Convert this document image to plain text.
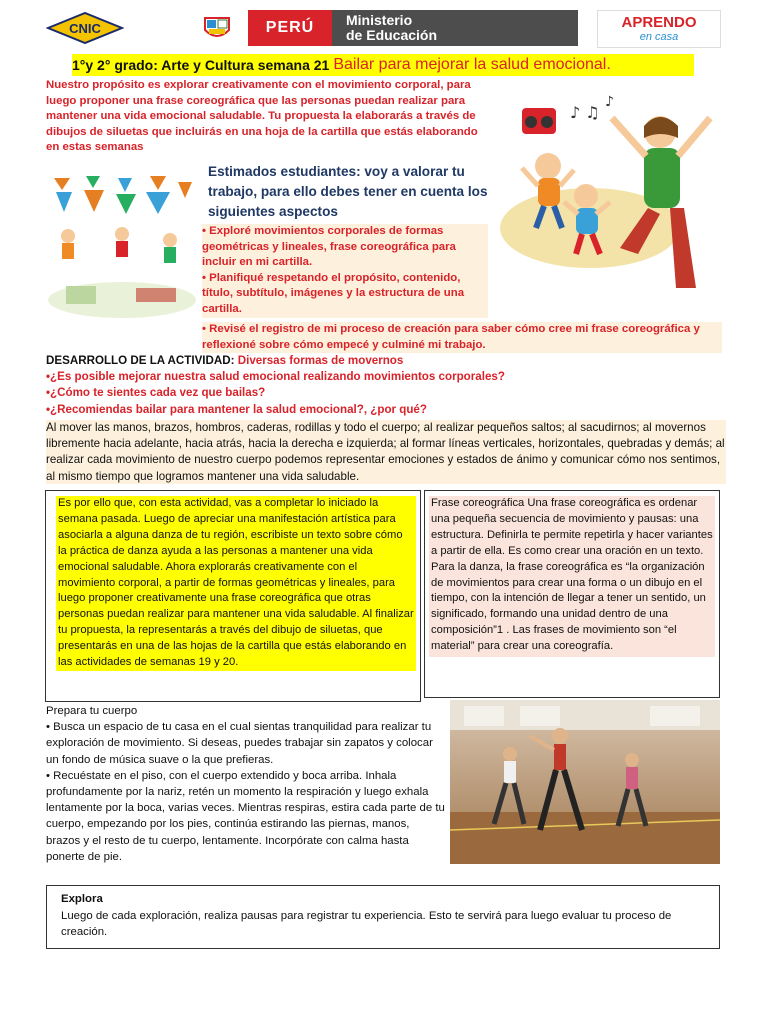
CNIC	PERÚ	Ministerio
de Educación
APRENDO
en casa
1°y 2° grado: Arte y Cultura semana 21 Bailar para mejorar la salud emocional.
Nuestro propósito es explorar creativamente con el movimiento corporal, para luego proponer una frase coreográfica que las personas puedan realizar para mantener una vida emocional saludable. Tu propuesta la elaborarás a través de dibujos de siluetas que incluirás en una hoja de la cartilla que estás elaborando en estas semanas
♪ ♫
♪
Estimados estudiantes: voy a valorar tu trabajo, para ello debes tener en cuenta los siguientes aspectos
• Exploré movimientos corporales de formas geométricas y lineales, frase coreográfica para incluir en mi cartilla.
• Planifiqué respetando el propósito, contenido, título, subtítulo, imágenes y la estructura de una cartilla.
• Revisé el registro de mi proceso de creación para saber cómo cree mi frase coreográfica y reflexioné sobre cómo empecé y culminé mi trabajo.
DESARROLLO DE LA ACTIVIDAD: Diversas formas de movernos
•¿Es posible mejorar nuestra salud emocional realizando movimientos corporales?
•¿Cómo te sientes cada vez que bailas?
•¿Recomiendas bailar para mantener la salud emocional?, ¿por qué?
Al mover las manos, brazos, hombros, caderas, rodillas y todo el cuerpo; al realizar pequeños saltos; al sacudirnos; al movernos libremente hacia adelante, hacia atrás, hacia la derecha e izquierda; al formar líneas verticales, horizontales, quebradas y demás; al realizar cada movimiento de nuestro cuerpo podemos representar emociones y estados de ánimo y comunicar cómo nos sentimos, al mismo tiempo que logramos mantener una vida saludable.
Es por ello que, con esta actividad, vas a completar lo iniciado la semana pasada. Luego de apreciar una manifestación artística para asociarla a alguna danza de tu región, escribiste un texto sobre cómo la práctica de danza ayuda a las personas a mantener una vida emocional saludable. Ahora explorarás creativamente con el movimiento corporal, a partir de formas geométricas y lineales, para luego proponer creativamente una frase coreográfica que otras personas puedan realizar para mantener una vida saludable. Al finalizar tu propuesta, la representarás a través del dibujo de siluetas, que presentarás en una de las hojas de la cartilla que estás elaborando en las actividades de semanas 19 y 20.
Frase coreográfica Una frase coreográfica es ordenar una pequeña secuencia de movimiento y pausas: una estructura. Definirla te permite repetirla y hacer variantes a partir de ella. Es como crear una oración en un texto. Para la danza, la frase coreográfica es “la organización de movimientos para crear una forma o un dibujo en el tiempo, con la intención de llegar a tener un sentido, un significado, formando una unidad dentro de una composición”1 . Las frases de movimiento son “el material” para crear una coreografía.
Prepara tu cuerpo
• Busca un espacio de tu casa en el cual sientas tranquilidad para realizar tu exploración de movimiento. Si deseas, puedes trabajar sin zapatos y colocar un fondo de música suave o la que prefieras.
• Recuéstate en el piso, con el cuerpo extendido y boca arriba. Inhala profundamente por la nariz, retén un momento la respiración y luego exhala lentamente por la boca, varias veces. Mientras respiras, estira cada parte de tu cuerpo, empezando por los pies, continúa estirando las piernas, manos, brazos y el resto de tu cuerpo, lentamente. Incorpórate con calma hasta ponerte de pie.
Explora
Luego de cada exploración, realiza pausas para registrar tu experiencia. Esto te servirá para luego evaluar tu proceso de creación.
